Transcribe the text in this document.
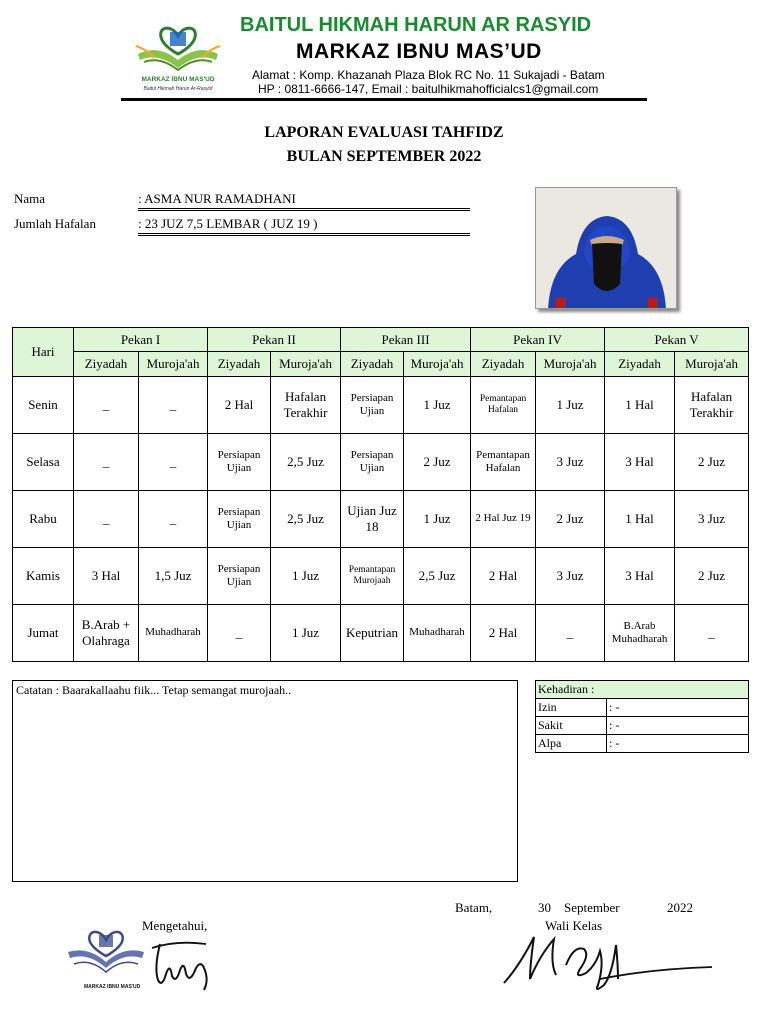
MARKAZ IBNU MAS'UD
Baitul Hikmah Harun Ar-Rasyid
BAITUL HIKMAH HARUN AR RASYID
MARKAZ IBNU MAS’UD
Alamat : Komp. Khazanah Plaza Blok RC No. 11 Sukajadi - Batam
HP : 0811-6666-147, Email : baitulhikmahofficialcs1@gmail.com
LAPORAN EVALUASI TAHFIDZ
BULAN SEPTEMBER 2022
Nama	: ASMA NUR RAMADHANI
Jumlah Hafalan	: 23 JUZ 7,5 LEMBAR ( JUZ 19 )
Hari	Pekan I		Pekan II		Pekan III		Pekan IV		Pekan V	
	Ziyadah	Muroja'ah	Ziyadah	Muroja'ah	Ziyadah	Muroja'ah	Ziyadah	Muroja'ah	Ziyadah	Muroja'ah
Senin	_	_	2 Hal	Hafalan Terakhir	Persiapan Ujian	1 Juz	Pemantapan Hafalan	1 Juz	1 Hal	Hafalan Terakhir
Selasa	_	_	Persiapan Ujian	2,5 Juz	Persiapan Ujian	2 Juz	Pemantapan Hafalan	3 Juz	3 Hal	2 Juz
Rabu	_	_	Persiapan Ujian	2,5 Juz	Ujian Juz 18	1 Juz	2 Hal Juz 19	2 Juz	1 Hal	3 Juz
Kamis	3 Hal	1,5 Juz	Persiapan Ujian	1 Juz	Pemantapan Murojaah	2,5 Juz	2 Hal	3 Juz	3 Hal	2 Juz
Jumat	B.Arab + Olahraga	Muhadharah	_	1 Juz	Keputrian	Muhadharah	2 Hal	_	B.Arab Muhadharah	_
Catatan : Baarakallaahu fiik... Tetap semangat murojaah..	Kehadiran :	
Izin	: -
Sakit	: -
Alpa	: -
Batam,	30 September	2022
Mengetahui,	Wali Kelas
MARKAZ IBNU MAS'UD
